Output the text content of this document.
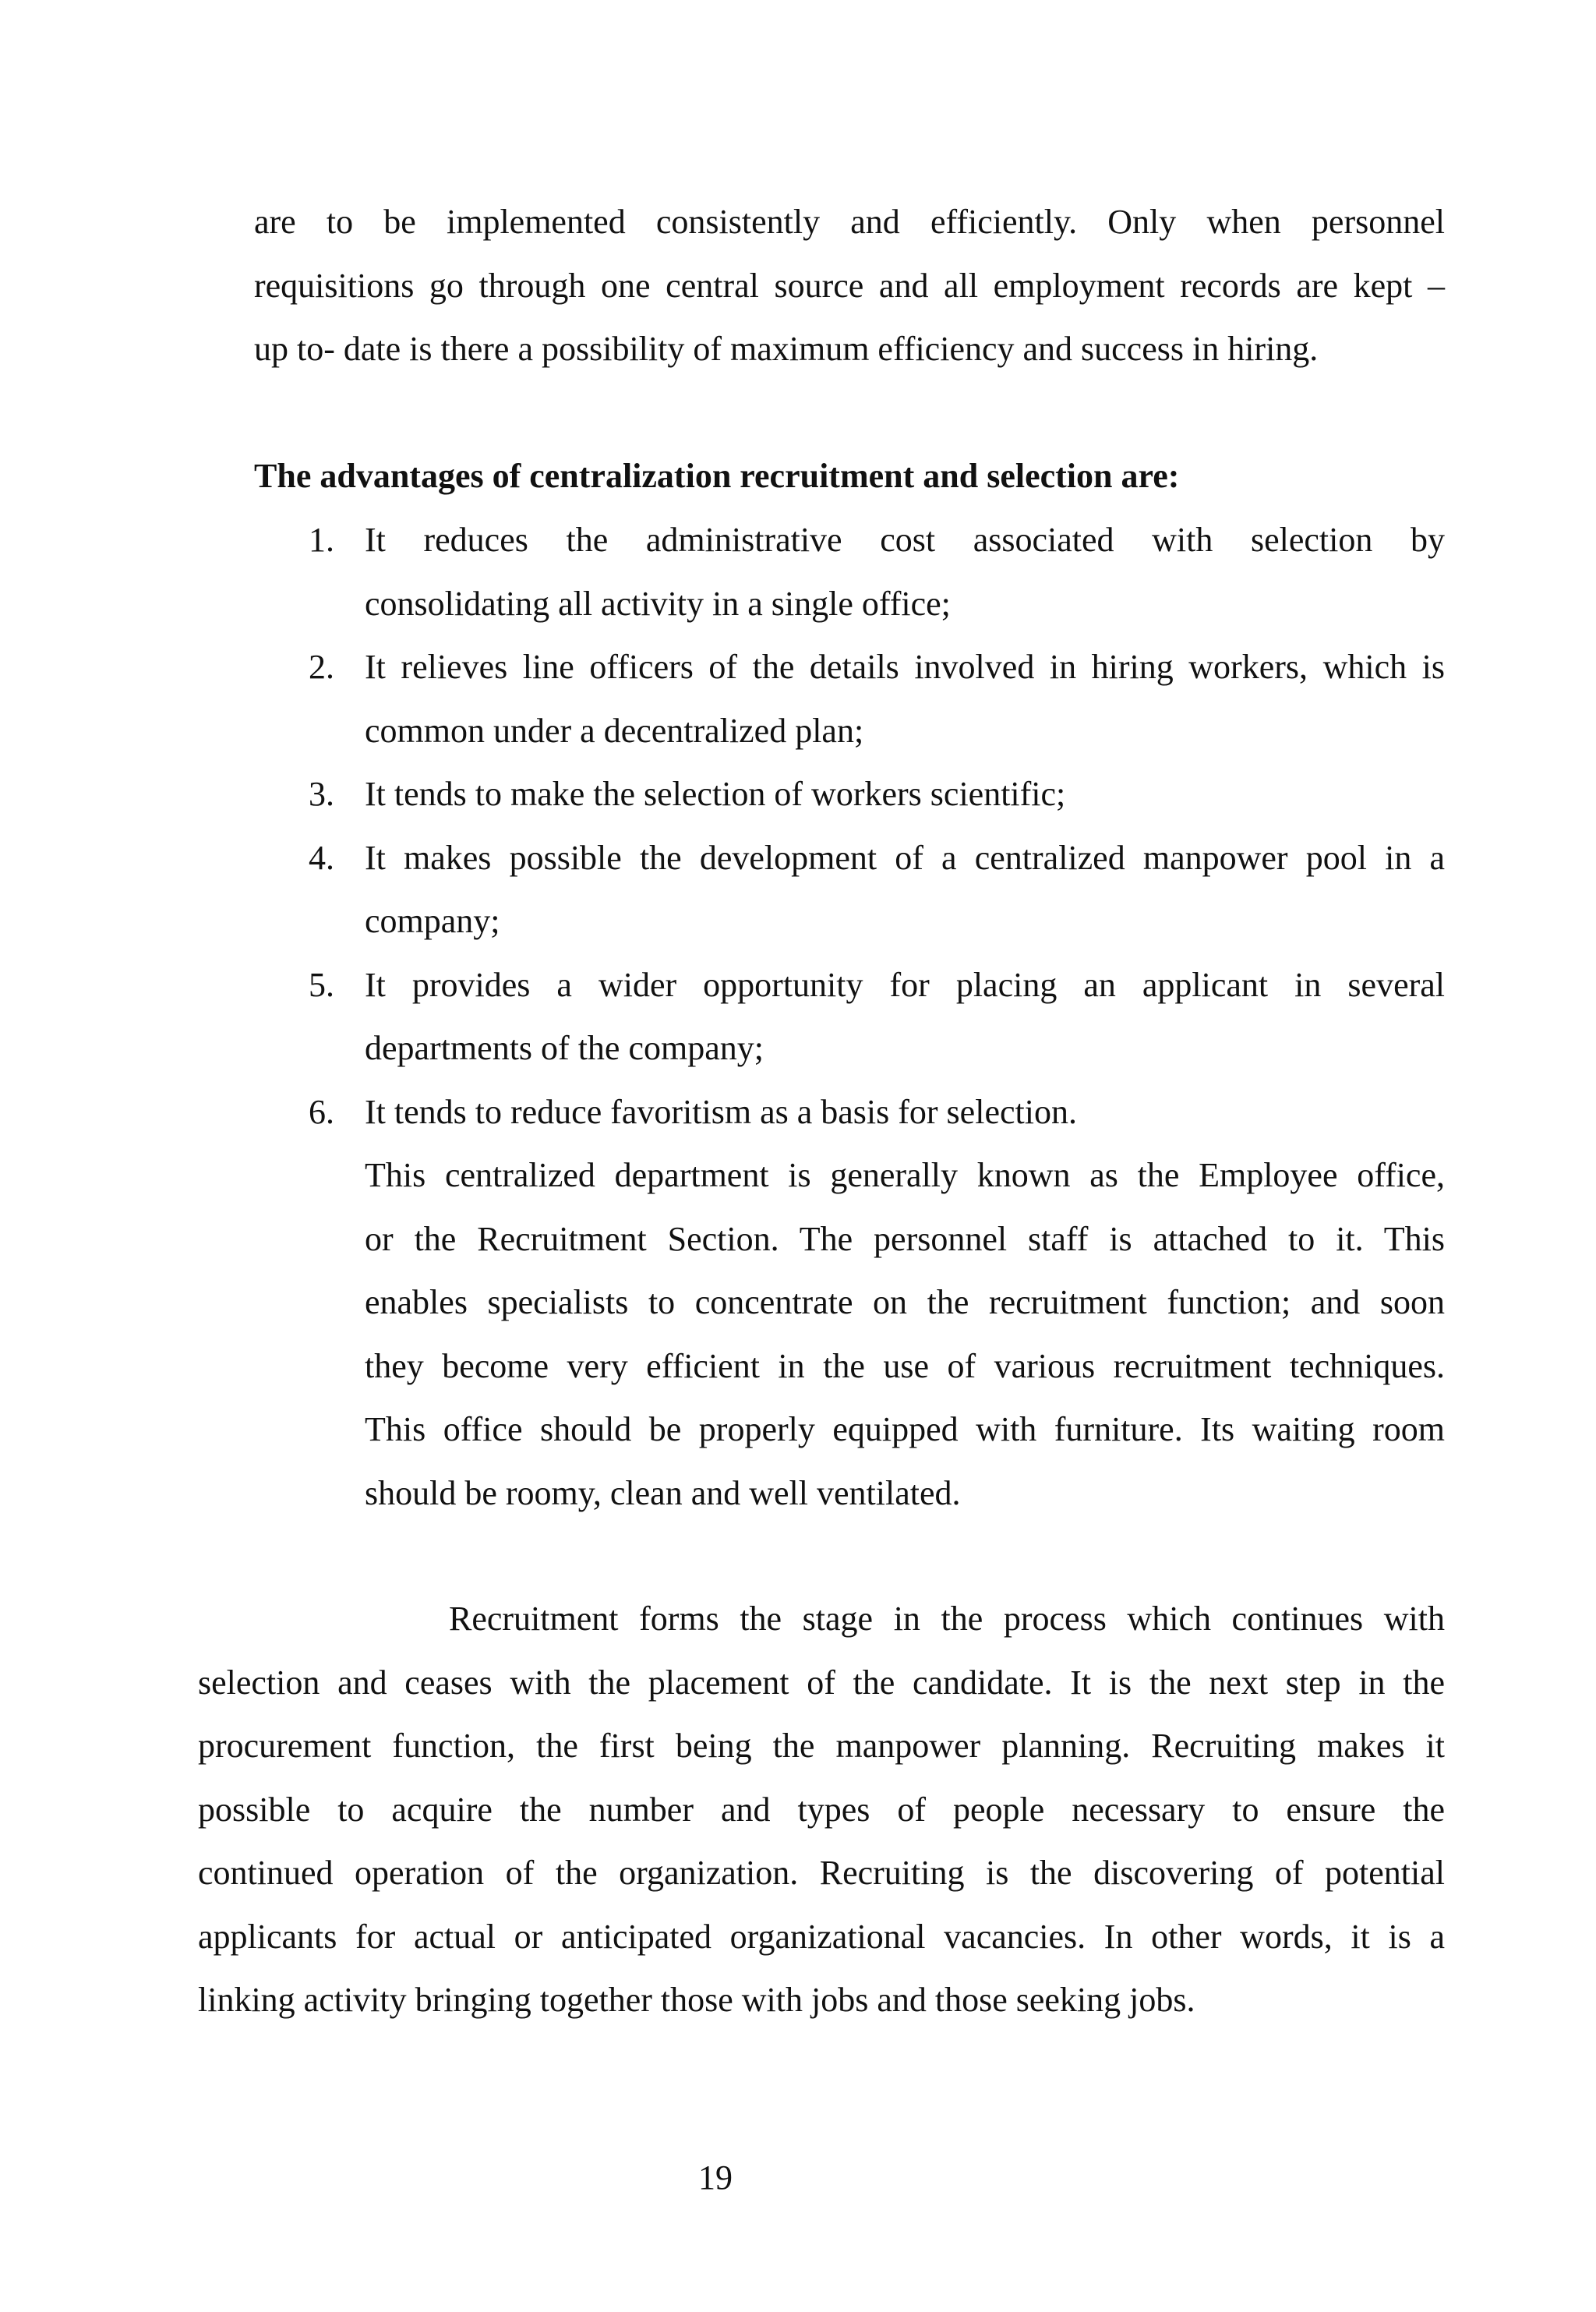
are to be implemented consistently and efficiently. Only when personnel
requisitions go through one central source and all employment records are kept –
up to- date is there a possibility of maximum efficiency and success in hiring.
The advantages of centralization recruitment and selection are:
1. It reduces the administrative cost associated with selection by
consolidating all activity in a single office;
2. It relieves line officers of the details involved in hiring workers, which is
common under a decentralized plan;
3. It tends to make the selection of workers scientific;
4. It makes possible the development of a centralized manpower pool in a
company;
5. It provides a wider opportunity for placing an applicant in several
departments of the company;
6. It tends to reduce favoritism as a basis for selection.
This centralized department is generally known as the Employee office,
or the Recruitment Section. The personnel staff is attached to it. This
enables specialists to concentrate on the recruitment function; and soon
they become very efficient in the use of various recruitment techniques.
This office should be properly equipped with furniture. Its waiting room
should be roomy, clean and well ventilated.
Recruitment forms the stage in the process which continues with
selection and ceases with the placement of the candidate. It is the next step in the
procurement function, the first being the manpower planning. Recruiting makes it
possible to acquire the number and types of people necessary to ensure the
continued operation of the organization. Recruiting is the discovering of potential
applicants for actual or anticipated organizational vacancies. In other words, it is a
linking activity bringing together those with jobs and those seeking jobs.
19
